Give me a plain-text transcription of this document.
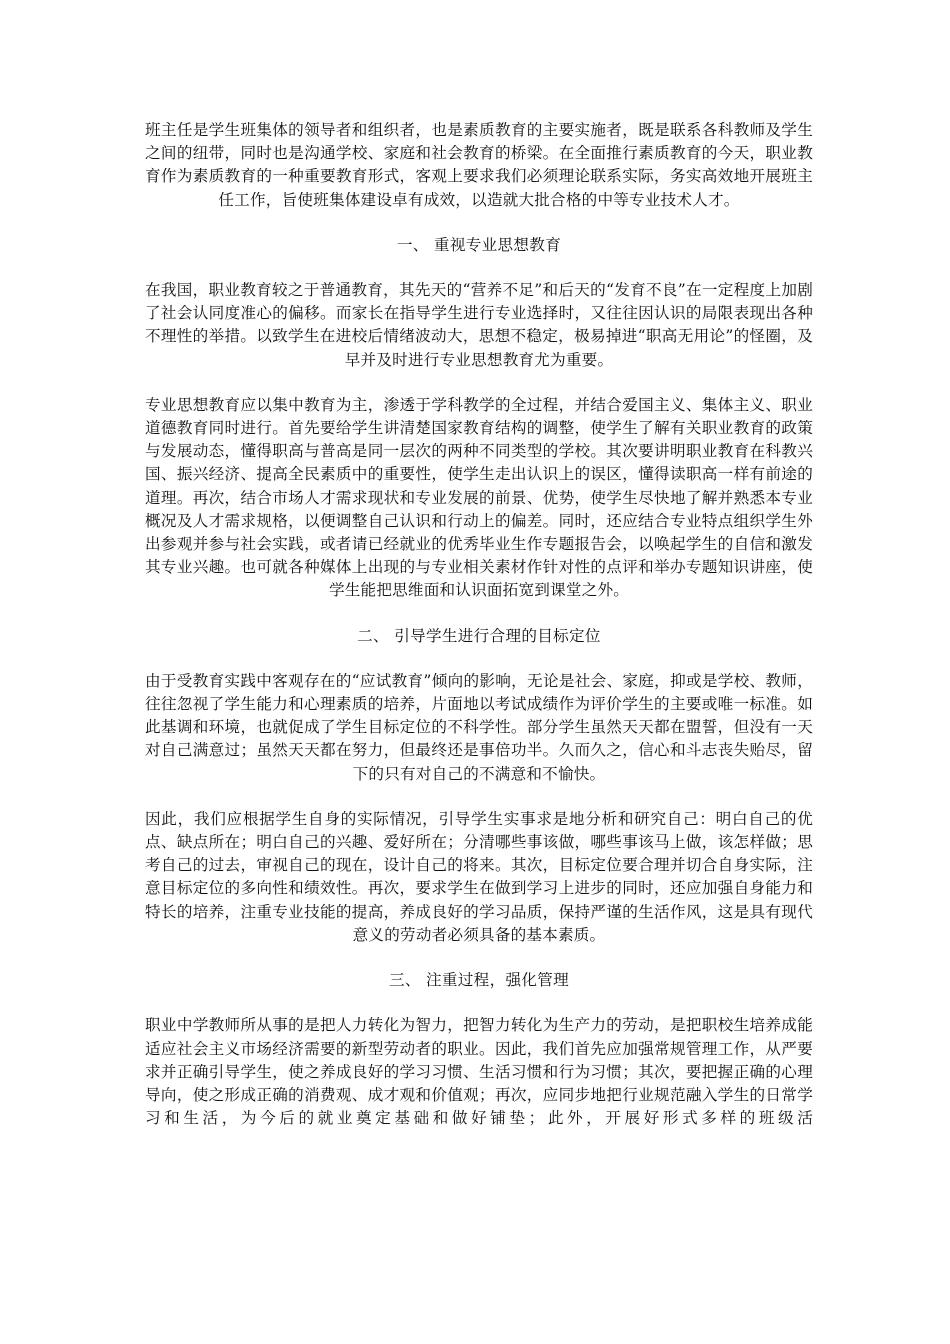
班主任是学生班集体的领导者和组织者，也是素质教育的主要实施者，既是联系各科教师及学生之间的纽带，同时也是沟通学校、家庭和社会教育的桥梁。在全面推行素质教育的今天，职业教育作为素质教育的一种重要教育形式，客观上要求我们必须理论联系实际，务实高效地开展班主任工作，旨使班集体建设卓有成效，以造就大批合格的中等专业技术人才。

一、 重视专业思想教育

在我国，职业教育较之于普通教育，其先天的“营养不足”和后天的“发育不良”在一定程度上加剧了社会认同度准心的偏移。而家长在指导学生进行专业选择时，又往往因认识的局限表现出各种不理性的举措。以致学生在进校后情绪波动大，思想不稳定，极易掉进“职高无用论”的怪圈，及早并及时进行专业思想教育尤为重要。

专业思想教育应以集中教育为主，渗透于学科教学的全过程，并结合爱国主义、集体主义、职业道德教育同时进行。首先要给学生讲清楚国家教育结构的调整，使学生了解有关职业教育的政策与发展动态，懂得职高与普高是同一层次的两种不同类型的学校。其次要讲明职业教育在科教兴国、振兴经济、提高全民素质中的重要性，使学生走出认识上的误区，懂得读职高一样有前途的道理。再次，结合市场人才需求现状和专业发展的前景、优势，使学生尽快地了解并熟悉本专业概况及人才需求规格，以便调整自己认识和行动上的偏差。同时，还应结合专业特点组织学生外出参观并参与社会实践，或者请已经就业的优秀毕业生作专题报告会，以唤起学生的自信和激发其专业兴趣。也可就各种媒体上出现的与专业相关素材作针对性的点评和举办专题知识讲座，使学生能把思维面和认识面拓宽到课堂之外。

二、 引导学生进行合理的目标定位

由于受教育实践中客观存在的“应试教育”倾向的影响，无论是社会、家庭，抑或是学校、教师，往往忽视了学生能力和心理素质的培养，片面地以考试成绩作为评价学生的主要或唯一标准。如此基调和环境，也就促成了学生目标定位的不科学性。部分学生虽然天天都在盟誓，但没有一天对自己满意过；虽然天天都在努力，但最终还是事倍功半。久而久之，信心和斗志丧失贻尽，留下的只有对自己的不满意和不愉快。

因此，我们应根据学生自身的实际情况，引导学生实事求是地分析和研究自己：明白自己的优点、缺点所在；明白自己的兴趣、爱好所在；分清哪些事该做，哪些事该马上做，该怎样做；思考自己的过去，审视自己的现在，设计自己的将来。其次，目标定位要合理并切合自身实际，注意目标定位的多向性和绩效性。再次，要求学生在做到学习上进步的同时，还应加强自身能力和特长的培养，注重专业技能的提高，养成良好的学习品质，保持严谨的生活作风，这是具有现代意义的劳动者必须具备的基本素质。

三、 注重过程，强化管理

职业中学教师所从事的是把人力转化为智力，把智力转化为生产力的劳动，是把职校生培养成能适应社会主义市场经济需要的新型劳动者的职业。因此，我们首先应加强常规管理工作，从严要求并正确引导学生，使之养成良好的学习习惯、生活习惯和行为习惯；其次，要把握正确的心理导向，使之形成正确的消费观、成才观和价值观；再次，应同步地把行业规范融入学生的日常学习和生活，为今后的就业奠定基础和做好铺垫；此外，开展好形式多样的班级活
